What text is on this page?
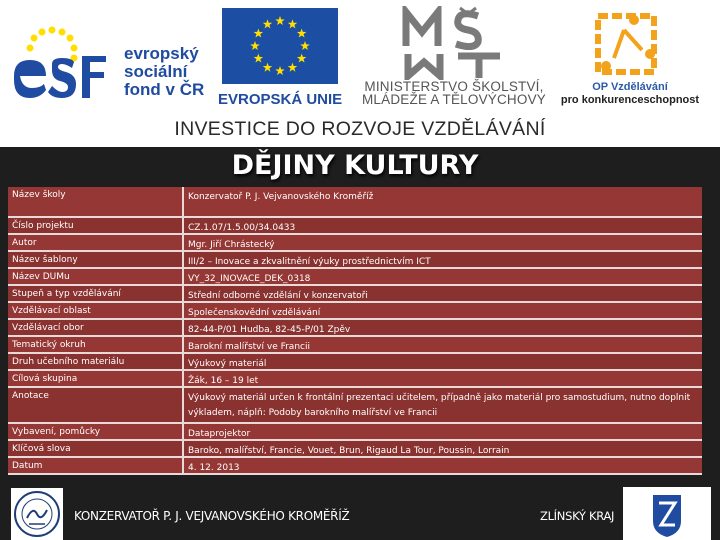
evropský
sociální
fond v ČR
EVROPSKÁ UNIE
MINISTERSTVO ŠKOLSTVÍ,
MLÁDEŽE A TĚLOVÝCHOVY
OP Vzdělávání
pro konkurenceschopnost
INVESTICE DO ROZVOJE VZDĚLÁVÁNÍ
DĚJINY KULTURY
Název školy	Konzervatoř P. J. Vejvanovského Kroměříž
Číslo projektu	CZ.1.07/1.5.00/34.0433
Autor	Mgr. Jiří Chrástecký
Název šablony	III/2 – Inovace a zkvalitnění výuky prostřednictvím ICT
Název DUMu	VY_32_INOVACE_DEK_0318
Stupeň a typ vzdělávání	Střední odborné vzdělání v konzervatoři
Vzdělávací oblast	Společenskovědní vzdělávání
Vzdělávací obor	82-44-P/01 Hudba, 82-45-P/01 Zpěv
Tematický okruh	Barokní malířství ve Francii
Druh učebního materiálu	Výukový materiál
Cílová skupina	Žák, 16 – 19 let
Anotace	Výukový materiál určen k frontální prezentaci učitelem, případně jako materiál pro samostudium, nutno doplnit výkladem, náplň: Podoby barokního malířství ve Francii
Vybavení, pomůcky	Dataprojektor
Klíčová slova	Baroko, malířství, Francie, Vouet, Brun, Rigaud La Tour, Poussin, Lorrain
Datum	4. 12. 2013
KONZERVATOŘ P. J. VEJVANOVSKÉHO KROMĚŘÍŽ	ZLÍNSKÝ KRAJ
